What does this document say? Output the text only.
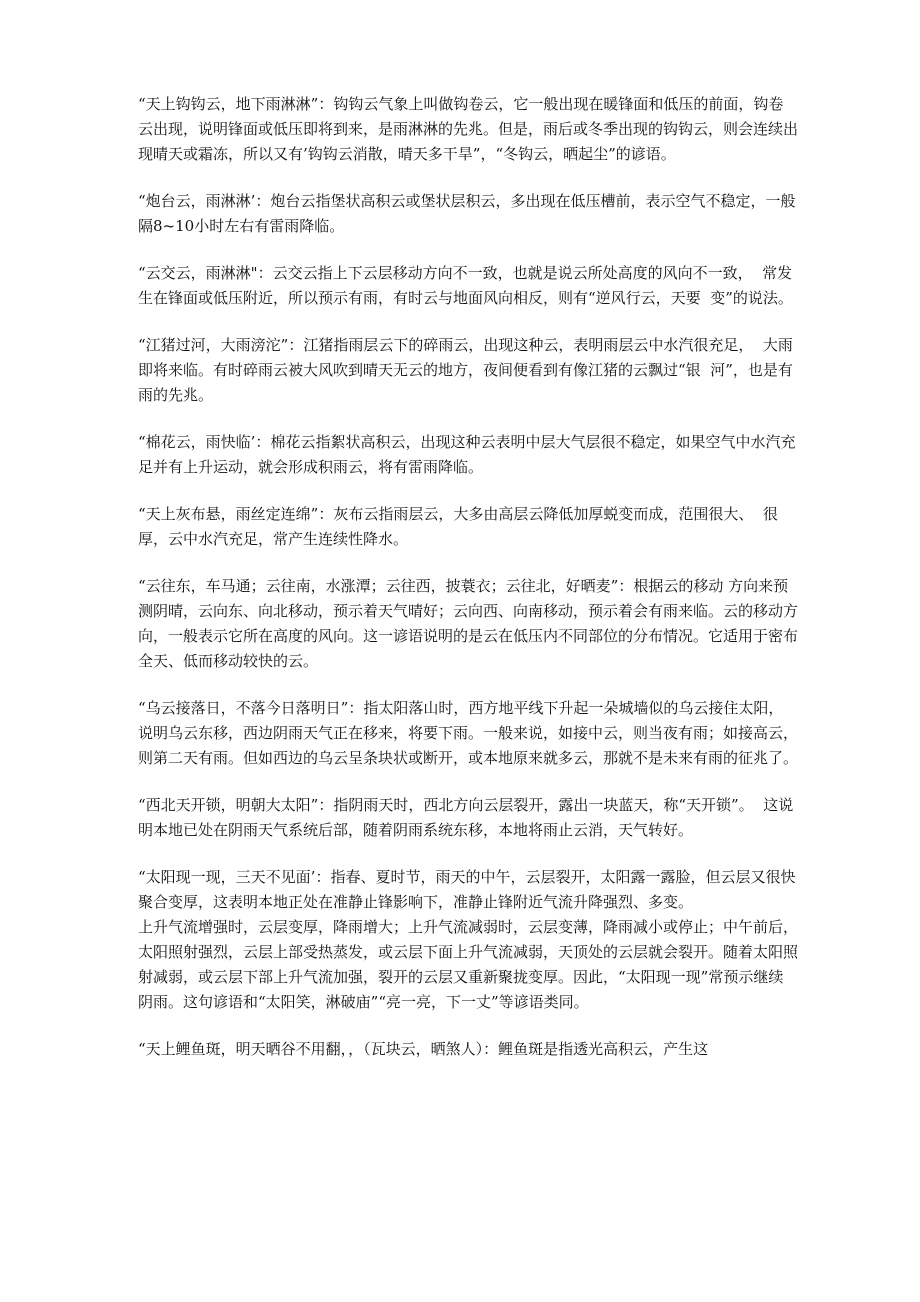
“天上钩钩云，地下雨淋淋”：钩钩云气象上叫做钩卷云，它一般出现在暖锋面和低压的前面，钩卷云出现，说明锋面或低压即将到来，是雨淋淋的先兆。但是，雨后或冬季出现的钩钩云，则会连续出现晴天或霜冻，所以又有’钩钩云消散，晴天多干旱”，“冬钩云，晒起尘”的谚语。

“炮台云，雨淋淋’：炮台云指堡状高积云或堡状层积云，多出现在低压槽前，表示空气不稳定，一般隔8~10小时左右有雷雨降临。

“云交云，雨淋淋"：云交云指上下云层移动方向不一致，也就是说云所处高度的风向不一致，  常发生在锋面或低压附近，所以预示有雨，有时云与地面风向相反，则有“逆风行云，天要  变”的说法。

“江猪过河，大雨滂沱”：江猪指雨层云下的碎雨云，出现这种云，表明雨层云中水汽很充足，  大雨即将来临。有时碎雨云被大风吹到晴天无云的地方，夜间便看到有像江猪的云飘过“银  河”，也是有雨的先兆。

“棉花云，雨快临’：棉花云指絮状高积云，出现这种云表明中层大气层很不稳定，如果空气中水汽充足并有上升运动，就会形成积雨云，将有雷雨降临。

“天上灰布悬，雨丝定连绵”：灰布云指雨层云，大多由高层云降低加厚蜕变而成，范围很大、  很厚，云中水汽充足，常产生连续性降水。

“云往东，车马通；云往南，水涨潭；云往西，披蓑衣；云往北，好晒麦”：根据云的移动 方向来预测阴晴，云向东、向北移动，预示着天气晴好；云向西、向南移动，预示着会有雨来临。云的移动方向，一般表示它所在高度的风向。这一谚语说明的是云在低压内不同部位的分布情况。它适用于密布全天、低而移动较快的云。

“乌云接落日，不落今日落明日”：指太阳落山时，西方地平线下升起一朵城墙似的乌云接住太阳，说明乌云东移，西边阴雨天气正在移来，将要下雨。一般来说，如接中云，则当夜有雨；如接高云，则第二天有雨。但如西边的乌云呈条块状或断开，或本地原来就多云，那就不是未来有雨的征兆了。

“西北天开锁，明朝大太阳”：指阴雨天时，西北方向云层裂开，露出一块蓝天，称“天开锁”。  这说明本地已处在阴雨天气系统后部，随着阴雨系统东移，本地将雨止云消，天气转好。

“太阳现一现，三天不见面’：指春、夏时节，雨天的中午，云层裂开，太阳露一露脸，但云层又很快聚合变厚，这表明本地正处在准静止锋影响下，准静止锋附近气流升降强烈、多变。

上升气流增强时，云层变厚，降雨增大；上升气流减弱时，云层变薄，降雨减小或停止；中午前后，太阳照射强烈，云层上部受热蒸发，或云层下面上升气流减弱，天顶处的云层就会裂开。随着太阳照射减弱，或云层下部上升气流加强，裂开的云层又重新聚拢变厚。因此，“太阳现一现”常预示继续阴雨。这句谚语和“太阳笑，淋破庙”“亮一亮，下一丈”等谚语类同。

“天上鲤鱼斑，明天晒谷不用翻，，（瓦块云，晒煞人）：鲤鱼斑是指透光高积云，产生这
